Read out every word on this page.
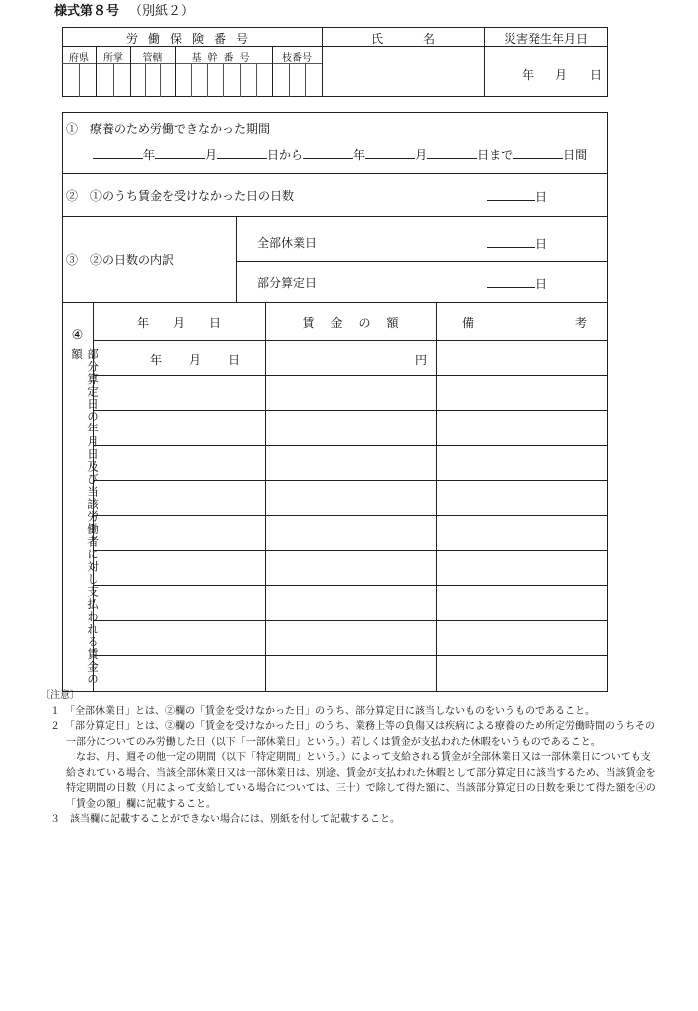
様式第８号 （別紙２）
労働保険番号	氏名	災害発生年月日
府県	所掌	管轄	基幹番号	枝番号
年 月 日
①　療養のため労働できなかった期間
年	月	日から	年	月	日まで	日間
②　①のうち賃金を受けなかった日の日数	日
③　②の日数の内訳
全部休業日	日
部分算定日	日
④
部分算定日の年月日及び当該労働者に対し支払われる賃金の額
年月日	賃金の額	備	考
年 月 日	円

〔注意〕

１　「全部休業日」とは、②欄の「賃金を受けなかった日」のうち、部分算定日に該当しないものをいうものであること。

２　「部分算定日」とは、②欄の「賃金を受けなかった日」のうち、業務上等の負傷又は疾病による療養のため所定労働時間のうちその一部分についてのみ労働した日（以下「一部休業日」という。）若しくは賃金が支払われた休暇をいうものであること。

なお、月、週その他一定の期間（以下「特定期間」という。）によって支給される賃金が全部休業日又は一部休業日についても支給されている場合、当該全部休業日又は一部休業日は、別途、賃金が支払われた休暇として部分算定日に該当するため、当該賃金を特定期間の日数（月によって支給している場合については、三十）で除して得た額に、当該部分算定日の日数を乗じて得た額を④の「賃金の額」欄に記載すること。

３　該当欄に記載することができない場合には、別紙を付して記載すること。
